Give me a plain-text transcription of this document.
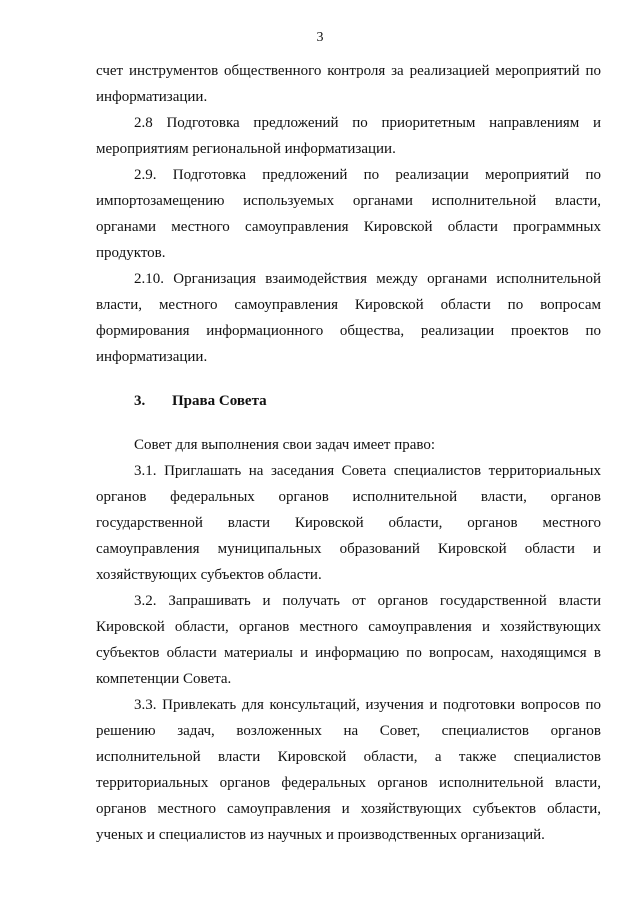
3

счет инструментов общественного контроля за реализацией мероприятий по информатизации.

2.8 Подготовка предложений по приоритетным направлениям и мероприятиям региональной информатизации.

2.9. Подготовка предложений по реализации мероприятий по импортозамещению используемых органами исполнительной власти, органами местного самоуправления Кировской области программных продуктов.

2.10. Организация взаимодействия между органами исполнительной власти, местного самоуправления Кировской области по вопросам формирования информационного общества, реализации проектов по информатизации.

3. Права Совета

Совет для выполнения свои задач имеет право:

3.1. Приглашать на заседания Совета специалистов территориальных органов федеральных органов исполнительной власти, органов государственной власти Кировской области, органов местного самоуправления муниципальных образований Кировской области и хозяйствующих субъектов области.

3.2. Запрашивать и получать от органов государственной власти Кировской области, органов местного самоуправления и хозяйствующих субъектов области материалы и информацию по вопросам, находящимся в компетенции Совета.

3.3. Привлекать для консультаций, изучения и подготовки вопросов по решению задач, возложенных на Совет, специалистов органов исполнительной власти Кировской области, а также специалистов территориальных органов федеральных органов исполнительной власти, органов местного самоуправления и хозяйствующих субъектов области, ученых и специалистов из научных и производственных организаций.
